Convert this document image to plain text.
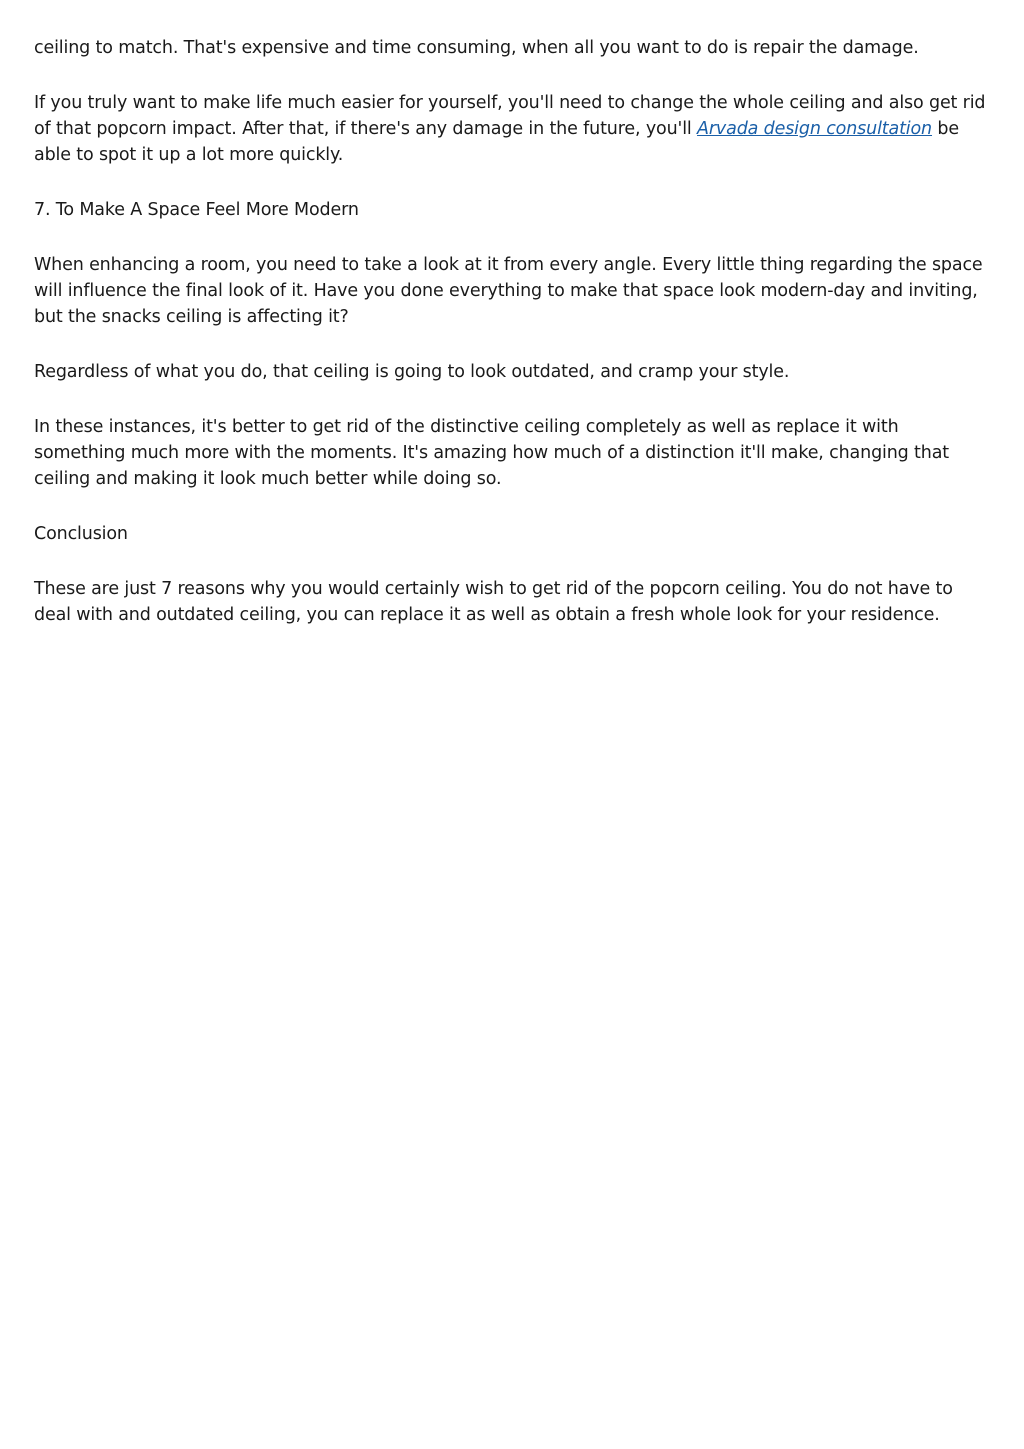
ceiling to match. That's expensive and time consuming, when all you want to do is repair the damage.

If you truly want to make life much easier for yourself, you'll need to change the whole ceiling and also get rid of that popcorn impact. After that, if there's any damage in the future, you'll Arvada design consultation be able to spot it up a lot more quickly.

7. To Make A Space Feel More Modern

When enhancing a room, you need to take a look at it from every angle. Every little thing regarding the space will influence the final look of it. Have you done everything to make that space look modern-day and inviting, but the snacks ceiling is affecting it?

Regardless of what you do, that ceiling is going to look outdated, and cramp your style.

In these instances, it's better to get rid of the distinctive ceiling completely as well as replace it with something much more with the moments. It's amazing how much of a distinction it'll make, changing that ceiling and making it look much better while doing so.

Conclusion

These are just 7 reasons why you would certainly wish to get rid of the popcorn ceiling. You do not have to deal with and outdated ceiling, you can replace it as well as obtain a fresh whole look for your residence.
